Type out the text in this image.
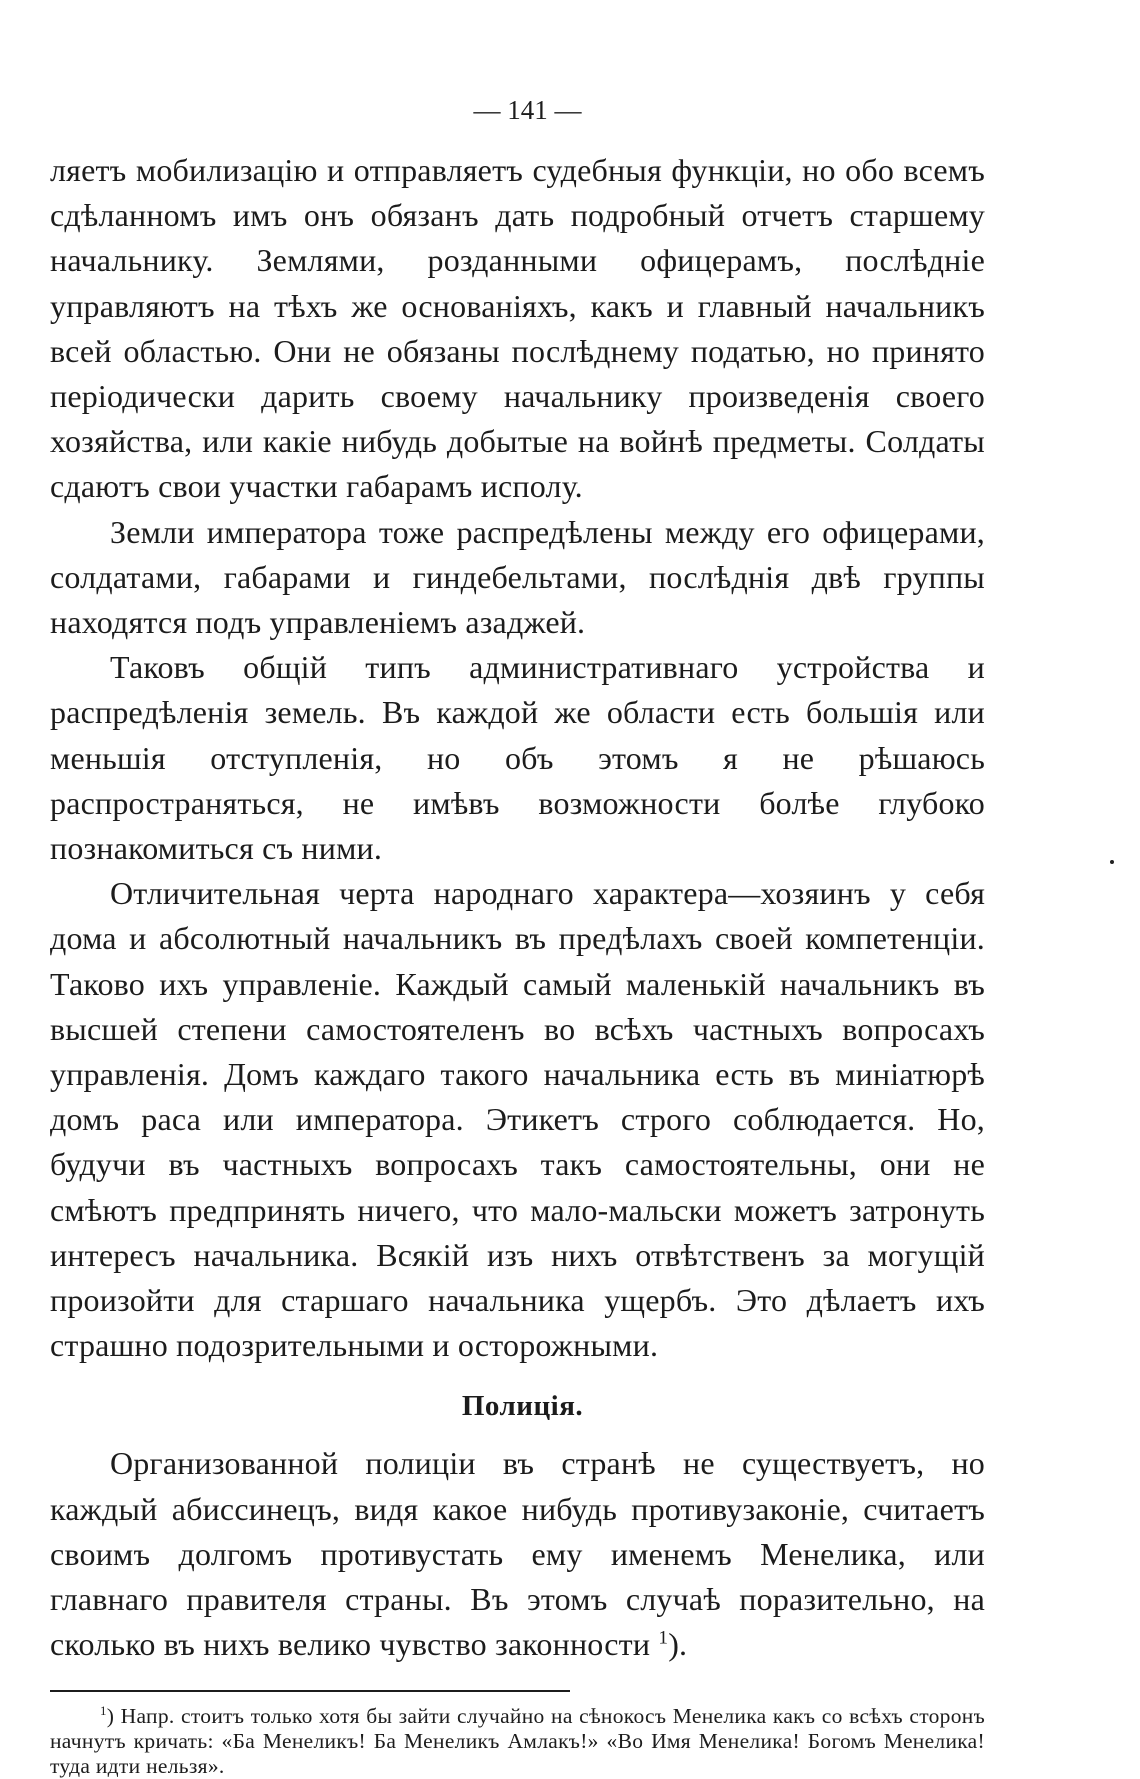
— 141 —

ляетъ мобилизацію и отправляетъ судебныя функціи, но обо всемъ сдѣланномъ имъ онъ обязанъ дать подробный отчетъ старшему начальнику. Землями, розданными офицерамъ, послѣдніе управляютъ на тѣхъ же основаніяхъ, какъ и главный начальникъ всей областью. Они не обязаны послѣднему податью, но принято періодически дарить своему начальнику произведенія своего хозяйства, или какіе нибудь добытые на войнѣ предметы. Солдаты сдаютъ свои участки габарамъ исполу.

Земли императора тоже распредѣлены между его офицерами, солдатами, габарами и гиндебельтами, послѣднія двѣ группы находятся подъ управленіемъ азаджей.

Таковъ общій типъ административнаго устройства и распредѣленія земель. Въ каждой же области есть большія или меньшія отступленія, но объ этомъ я не рѣшаюсь распространяться, не имѣвъ возможности болѣе глубоко познакомиться съ ними.

Отличительная черта народнаго характера—хозяинъ у себя дома и абсолютный начальникъ въ предѣлахъ своей компетенціи. Таково ихъ управленіе. Каждый самый маленькій начальникъ въ высшей степени самостоятеленъ во всѣхъ частныхъ вопросахъ управленія. Домъ каждаго такого начальника есть въ миніатюрѣ домъ раса или императора. Этикетъ строго соблюдается. Но, будучи въ частныхъ вопросахъ такъ самостоятельны, они не смѣютъ предпринять ничего, что мало-мальски можетъ затронуть интересъ начальника. Всякій изъ нихъ отвѣтственъ за могущій произойти для старшаго начальника ущербъ. Это дѣлаетъ ихъ страшно подозрительными и осторожными.

Полиція.

Организованной полиціи въ странѣ не существуетъ, но каждый абиссинецъ, видя какое нибудь противузаконіе, считаетъ своимъ долгомъ противустать ему именемъ Менелика, или главнаго правителя страны. Въ этомъ случаѣ поразительно, на сколько въ нихъ велико чувство законности $^1$).

$^1$) Напр. стоитъ только хотя бы зайти случайно на сѣнокосъ Менелика какъ со всѣхъ сторонъ начнутъ кричать: «Ба Менеликъ! Ба Менеликъ Амлакъ!» «Во Имя Менелика! Богомъ Менелика! туда идти нельзя».
